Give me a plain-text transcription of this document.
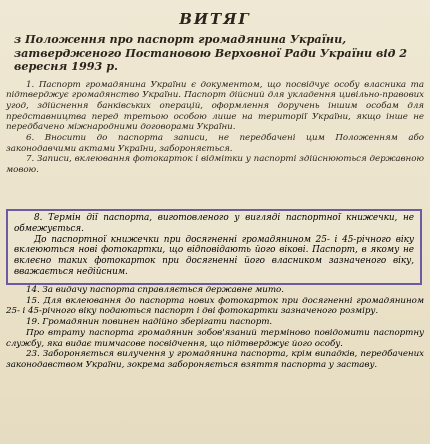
ВИТЯГ
з Положення про паспорт громадянина України, затвердженого Постановою Верховної Ради України від 2 вересня 1993 р.

1. Паспорт громадянина України є документом, що посвідчує особу власника та підтверджує громадянство України. Паспорт дійсний для укладення цивільно-правових угод, здійснення банківських операцій, оформлення доручень іншим особам для представництва перед третьою особою лише на території України, якщо інше не передбачено міжнародними договорами України.

6. Вносити до паспорта записи, не передбачені цим Положенням або законодавчими актами України, забороняється.

7. Записи, вклеювання фотокарток і відмітки у паспорті здійснюються державною мовою.

8. Термін дії паспорта, виготовленого у вигляді паспортної книжечки, не обмежується.

До паспортної книжечки при досягненні громадянином 25- і 45-річного віку вклеюються нові фотокартки, що відповідають його вікові. Паспорт, в якому не вклеєно таких фотокарток при досягненні його власником зазначеного віку, вважається недійсним.

14. За видачу паспорта справляється державне мито.

15. Для вклеювання до паспорта нових фотокарток при досягненні громадянином 25- і 45-річного віку подаються паспорт і дві фотокартки зазначеного розміру.

19. Громадянин повинен надійно зберігати паспорт.

Про втрату паспорта громадянин зобов'язаний терміново повідомити паспортну службу, яка видає тимчасове посвідчення, що підтверджує його особу.

23. Забороняється вилучення у громадянина паспорта, крім випадків, передбачених законодавством України, зокрема забороняється взяття паспорта у заставу.
